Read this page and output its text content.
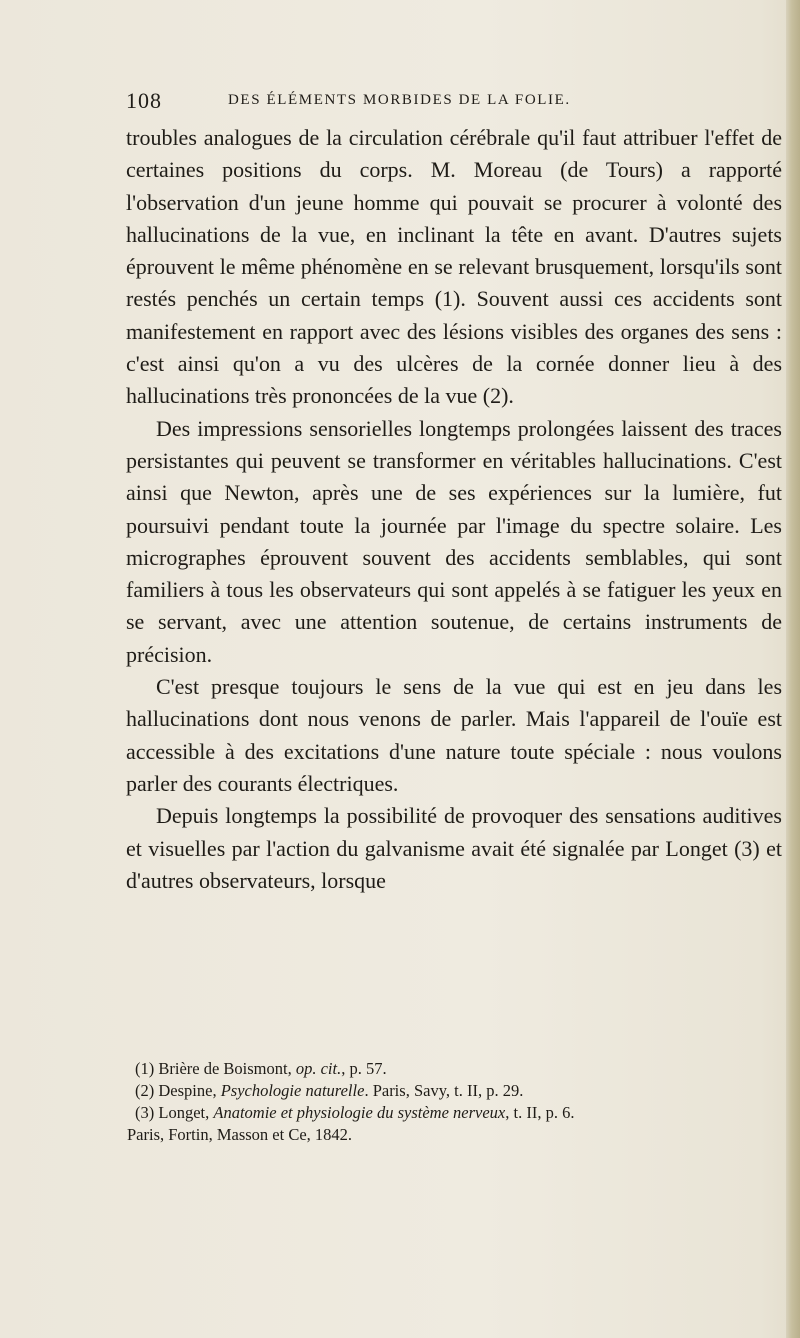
108	DES ÉLÉMENTS MORBIDES DE LA FOLIE.

troubles analogues de la circulation cérébrale qu'il faut attribuer l'effet de certaines positions du corps. M. Moreau (de Tours) a rapporté l'observation d'un jeune homme qui pouvait se procurer à volonté des hallucinations de la vue, en inclinant la tête en avant. D'autres sujets éprouvent le même phénomène en se relevant brusquement, lorsqu'ils sont restés penchés un certain temps (1). Souvent aussi ces accidents sont manifestement en rapport avec des lésions visibles des organes des sens : c'est ainsi qu'on a vu des ulcères de la cornée donner lieu à des hallucinations très prononcées de la vue (2).

Des impressions sensorielles longtemps prolongées laissent des traces persistantes qui peuvent se transformer en véritables hallucinations. C'est ainsi que Newton, après une de ses expériences sur la lumière, fut poursuivi pendant toute la journée par l'image du spectre solaire. Les micrographes éprouvent souvent des accidents semblables, qui sont familiers à tous les observateurs qui sont appelés à se fatiguer les yeux en se servant, avec une attention soutenue, de certains instruments de précision.

C'est presque toujours le sens de la vue qui est en jeu dans les hallucinations dont nous venons de parler. Mais l'appareil de l'ouïe est accessible à des excitations d'une nature toute spéciale : nous voulons parler des courants électriques.

Depuis longtemps la possibilité de provoquer des sensations auditives et visuelles par l'action du galvanisme avait été signalée par Longet (3) et d'autres observateurs, lorsque

(1) Brière de Boismont, op. cit., p. 57.

(2) Despine, Psychologie naturelle. Paris, Savy, t. II, p. 29.

(3) Longet, Anatomie et physiologie du système nerveux, t. II, p. 6.

Paris, Fortin, Masson et Ce, 1842.
